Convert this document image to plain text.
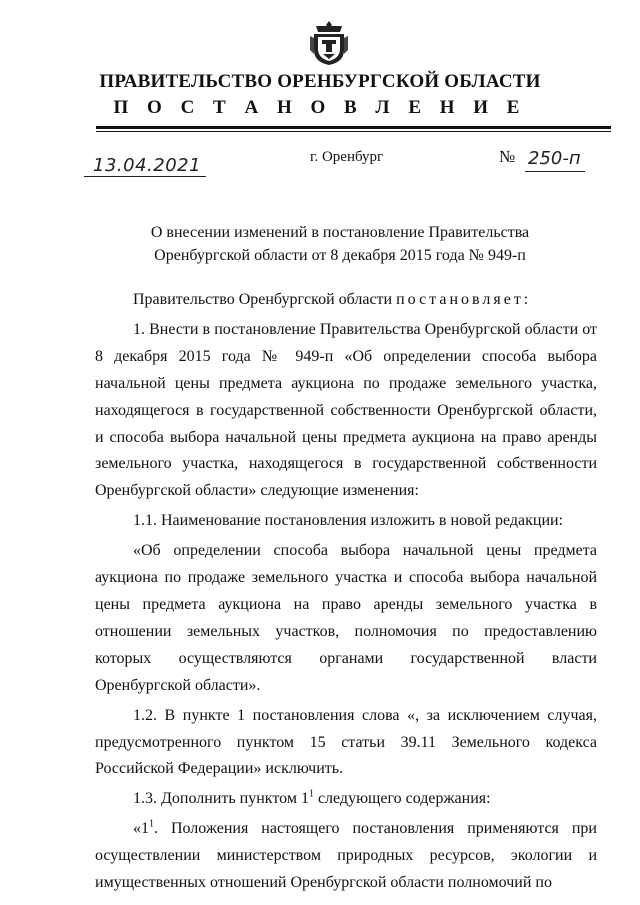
ПРАВИТЕЛЬСТВО ОРЕНБУРГСКОЙ ОБЛАСТИ
П О С Т А Н О В Л Е Н И Е
13.04.2021	г. Оренбург	№ 250-п
О внесении изменений в постановление Правительства
Оренбургской области от 8 декабря 2015 года № 949-п

Правительство Оренбургской области постановляет:

1. Внести в постановление Правительства Оренбургской области от 8 декабря 2015 года № 949-п «Об определении способа выбора начальной цены предмета аукциона по продаже земельного участка, находящегося в государственной собственности Оренбургской области, и способа выбора начальной цены предмета аукциона на право аренды земельного участка, находящегося в государственной собственности Оренбургской области» следующие изменения:

1.1. Наименование постановления изложить в новой редакции:

«Об определении способа выбора начальной цены предмета аукциона по продаже земельного участка и способа выбора начальной цены предмета аукциона на право аренды земельного участка в отношении земельных участков, полномочия по предоставлению которых осуществляются органами государственной власти Оренбургской области».

1.2. В пункте 1 постановления слова «, за исключением случая, предусмотренного пунктом 15 статьи 39.11 Земельного кодекса Российской Федерации» исключить.

1.3. Дополнить пунктом $1^1$ следующего содержания:

«$1^1$. Положения настоящего постановления применяются при осуществлении министерством природных ресурсов, экологии и имущественных отношений Оренбургской области полномочий по
